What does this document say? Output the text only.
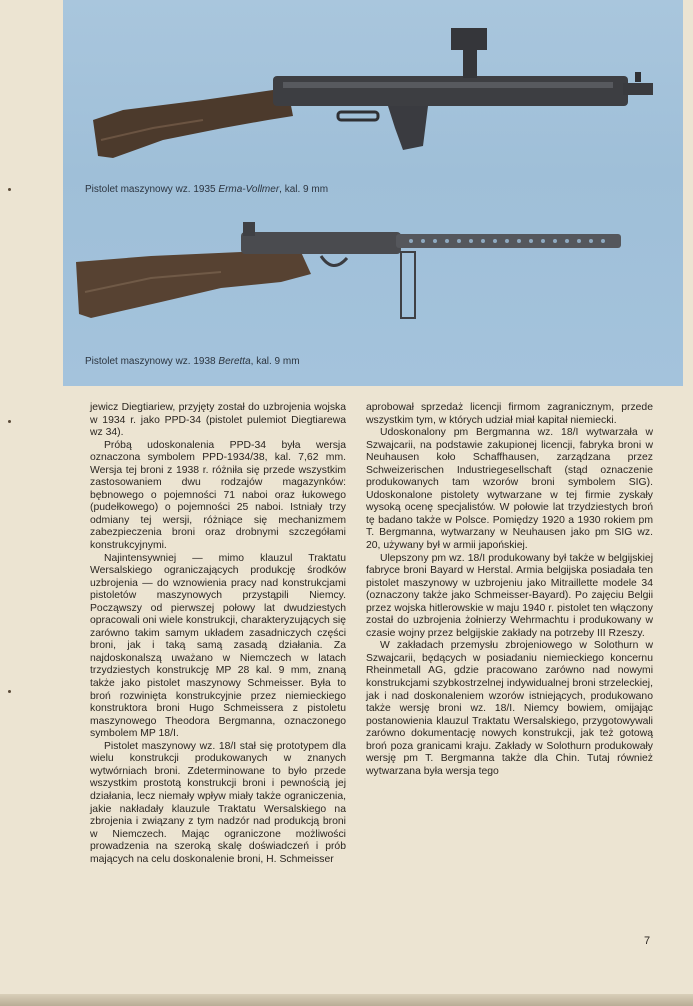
Pistolet maszynowy wz. 1935 Erma-Vollmer, kal. 9 mm
Pistolet maszynowy wz. 1938 Beretta, kal. 9 mm

jewicz Diegtiariew, przyjęty został do uzbrojenia wojska w 1934 r. jako PPD-34 (pistolet pulemiot Diegtiarewa wz 34).

Próbą udoskonalenia PPD-34 była wersja oznaczona symbolem PPD-1934/38, kal. 7,62 mm. Wersja tej broni z 1938 r. różniła się przede wszystkim zastosowaniem dwu rodzajów magazynków: bębnowego o pojemności 71 naboi oraz łukowego (pudełkowego) o pojemności 25 naboi. Istniały trzy odmiany tej wersji, różniące się mechanizmem zabezpieczenia broni oraz drobnymi szczegółami konstrukcyjnymi.

Najintensywniej — mimo klauzul Traktatu Wersalskiego ograniczających produkcję środków uzbrojenia — do wznowienia pracy nad konstrukcjami pistoletów maszynowych przystąpili Niemcy. Począwszy od pierwszej połowy lat dwudziestych opracowali oni wiele konstrukcji, charakteryzujących się zarówno takim samym układem zasadniczych części broni, jak i taką samą zasadą działania. Za najdoskonalszą uważano w Niemczech w latach trzydziestych konstrukcję MP 28 kal. 9 mm, znaną także jako pistolet maszynowy Schmeisser. Była to broń rozwinięta konstrukcyjnie przez niemieckiego konstruktora broni Hugo Schmeissera z pistoletu maszynowego Theodora Bergmanna, oznaczonego symbolem MP 18/I.

Pistolet maszynowy wz. 18/I stał się prototypem dla wielu konstrukcji produkowanych w znanych wytwórniach broni. Zdeterminowane to było przede wszystkim prostotą konstrukcji broni i pewnością jej działania, lecz niemały wpływ miały także ograniczenia, jakie nakładały klauzule Traktatu Wersalskiego na zbrojenia i związany z tym nadzór nad produkcją broni w Niemczech. Mając ograniczone możliwości prowadzenia na szeroką skalę doświadczeń i prób mających na celu doskonalenie broni, H. Schmeisser

aprobował sprzedaż licencji firmom zagranicznym, przede wszystkim tym, w których udział miał kapitał niemiecki.

Udoskonalony pm Bergmanna wz. 18/I wytwarzała w Szwajcarii, na podstawie zakupionej licencji, fabryka broni w Neuhausen koło Schaffhausen, zarządzana przez Schweizerischen Industriegesellschaft (stąd oznaczenie produkowanych tam wzorów broni symbolem SIG). Udoskonalone pistolety wytwarzane w tej firmie zyskały wysoką ocenę specjalistów. W połowie lat trzydziestych broń tę badano także w Polsce. Pomiędzy 1920 a 1930 rokiem pm T. Bergmanna, wytwarzany w Neuhausen jako pm SIG wz. 20, używany był w armii japońskiej.

Ulepszony pm wz. 18/I produkowany był także w belgijskiej fabryce broni Bayard w Herstal. Armia belgijska posiadała ten pistolet maszynowy w uzbrojeniu jako Mitraillette modele 34 (oznaczony także jako Schmeisser-Bayard). Po zajęciu Belgii przez wojska hitlerowskie w maju 1940 r. pistolet ten włączony został do uzbrojenia żołnierzy Wehrmachtu i produkowany w czasie wojny przez belgijskie zakłady na potrzeby III Rzeszy.

W zakładach przemysłu zbrojeniowego w Solothurn w Szwajcarii, będących w posiadaniu niemieckiego koncernu Rheinmetall AG, gdzie pracowano zarówno nad nowymi konstrukcjami szybkostrzelnej indywidualnej broni strzeleckiej, jak i nad doskonaleniem wzorów istniejących, produkowano także wersję broni wz. 18/I. Niemcy bowiem, omijając postanowienia klauzul Traktatu Wersalskiego, przygotowywali zarówno dokumentację nowych konstrukcji, jak też gotową broń poza granicami kraju. Zakłady w Solothurn produkowały wersję pm T. Bergmanna także dla Chin. Tutaj również wytwarzana była wersja tego

7
